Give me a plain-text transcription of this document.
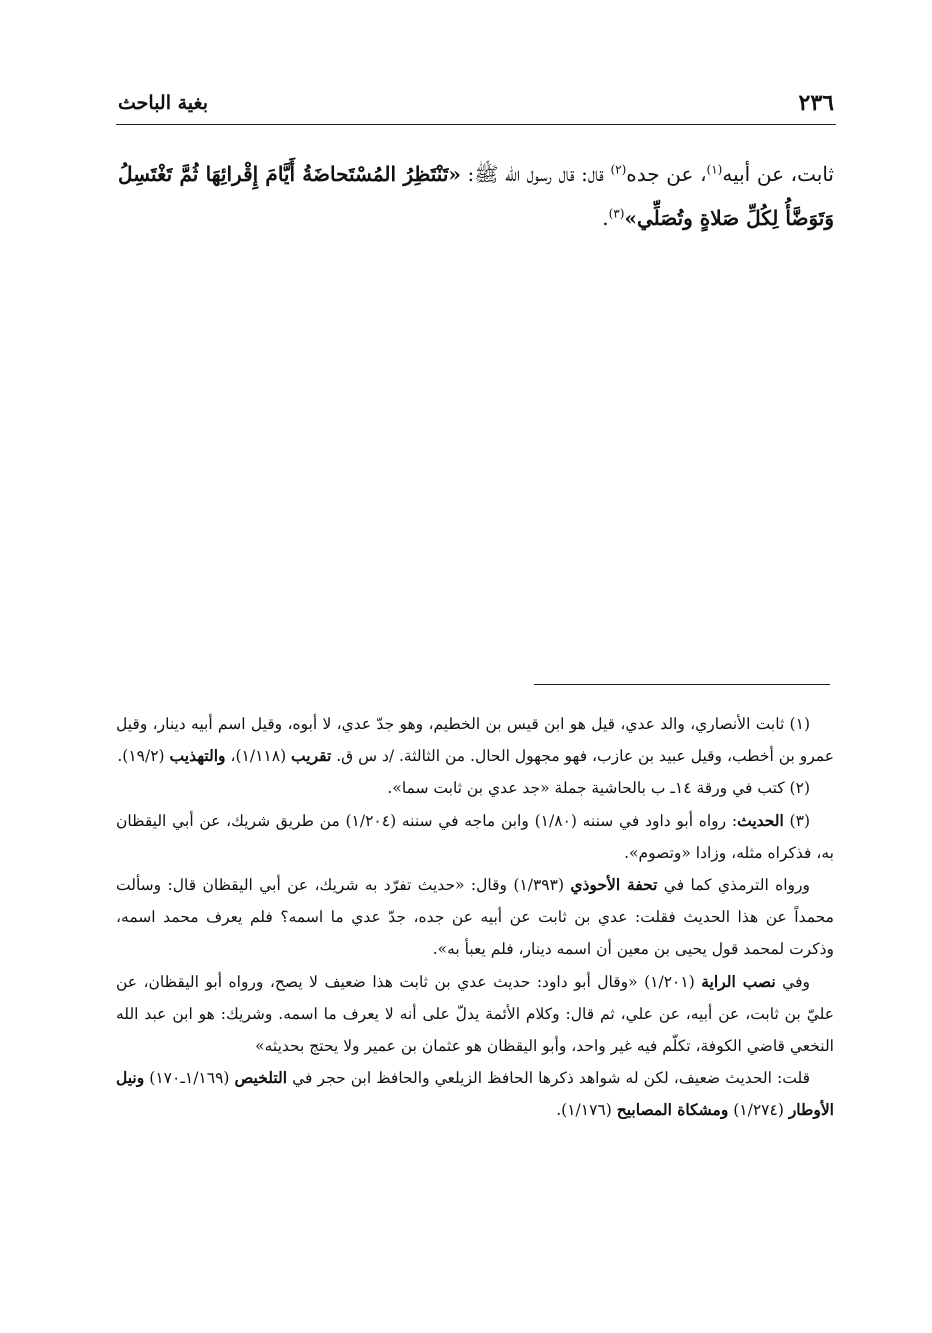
بغية الباحث	٢٣٦
ثابت، عن أبيه$^{(١)}$، عن جده$^{(٢)}$ قال: قال رسول الله ﷺ: «تَنْتَظِرُ المُسْتَحاضَةُ أَيَّامَ إِقْرائِهَا ثُمَّ تَغْتَسِلُ وَتَوَضَّأُ لِكُلِّ صَلاةٍ وتُصَلِّي»$^{(٣)}$.

(١) ثابت الأنصاري، والد عدي، قيل هو ابن قيس بن الخطيم، وهو جدّ عدي، لا أبوه، وقيل اسم أبيه دينار، وقيل عمرو بن أخطب، وقيل عبيد بن عازب، فهو مجهول الحال. من الثالثة. /د س ق. تقريب (١/١١٨)، والتهذيب (١٩/٢).

(٢) كتب في ورقة ١٤ـ ب بالحاشية جملة «جد عدي بن ثابت سما».

(٣) الحديث: رواه أبو داود في سننه (١/٨٠) وابن ماجه في سننه (١/٢٠٤) من طريق شريك، عن أبي اليقظان به، فذكراه مثله، وزادا «وتصوم».

ورواه الترمذي كما في تحفة الأحوذي (١/٣٩٣) وقال: «حديث تفرّد به شريك، عن أبي اليقظان قال: وسألت محمداً عن هذا الحديث فقلت: عدي بن ثابت عن أبيه عن جده، جدّ عدي ما اسمه؟ فلم يعرف محمد اسمه، وذكرت لمحمد قول يحيى بن معين أن اسمه دينار، فلم يعبأ به».

وفي نصب الراية (١/٢٠١) «وقال أبو داود: حديث عدي بن ثابت هذا ضعيف لا يصح، ورواه أبو اليقظان، عن عليّ بن ثابت، عن أبيه، عن علي، ثم قال: وكلام الأئمة يدلّ على أنه لا يعرف ما اسمه. وشريك: هو ابن عبد الله النخعي قاضي الكوفة، تكلّم فيه غير واحد، وأبو اليقظان هو عثمان بن عمير ولا يحتج بحديثه»

قلت: الحديث ضعيف، لكن له شواهد ذكرها الحافظ الزيلعي والحافظ ابن حجر في التلخيص (١/١٦٩ـ١٧٠) ونيل الأوطار (١/٢٧٤) ومشكاة المصابيح (١/١٧٦).
